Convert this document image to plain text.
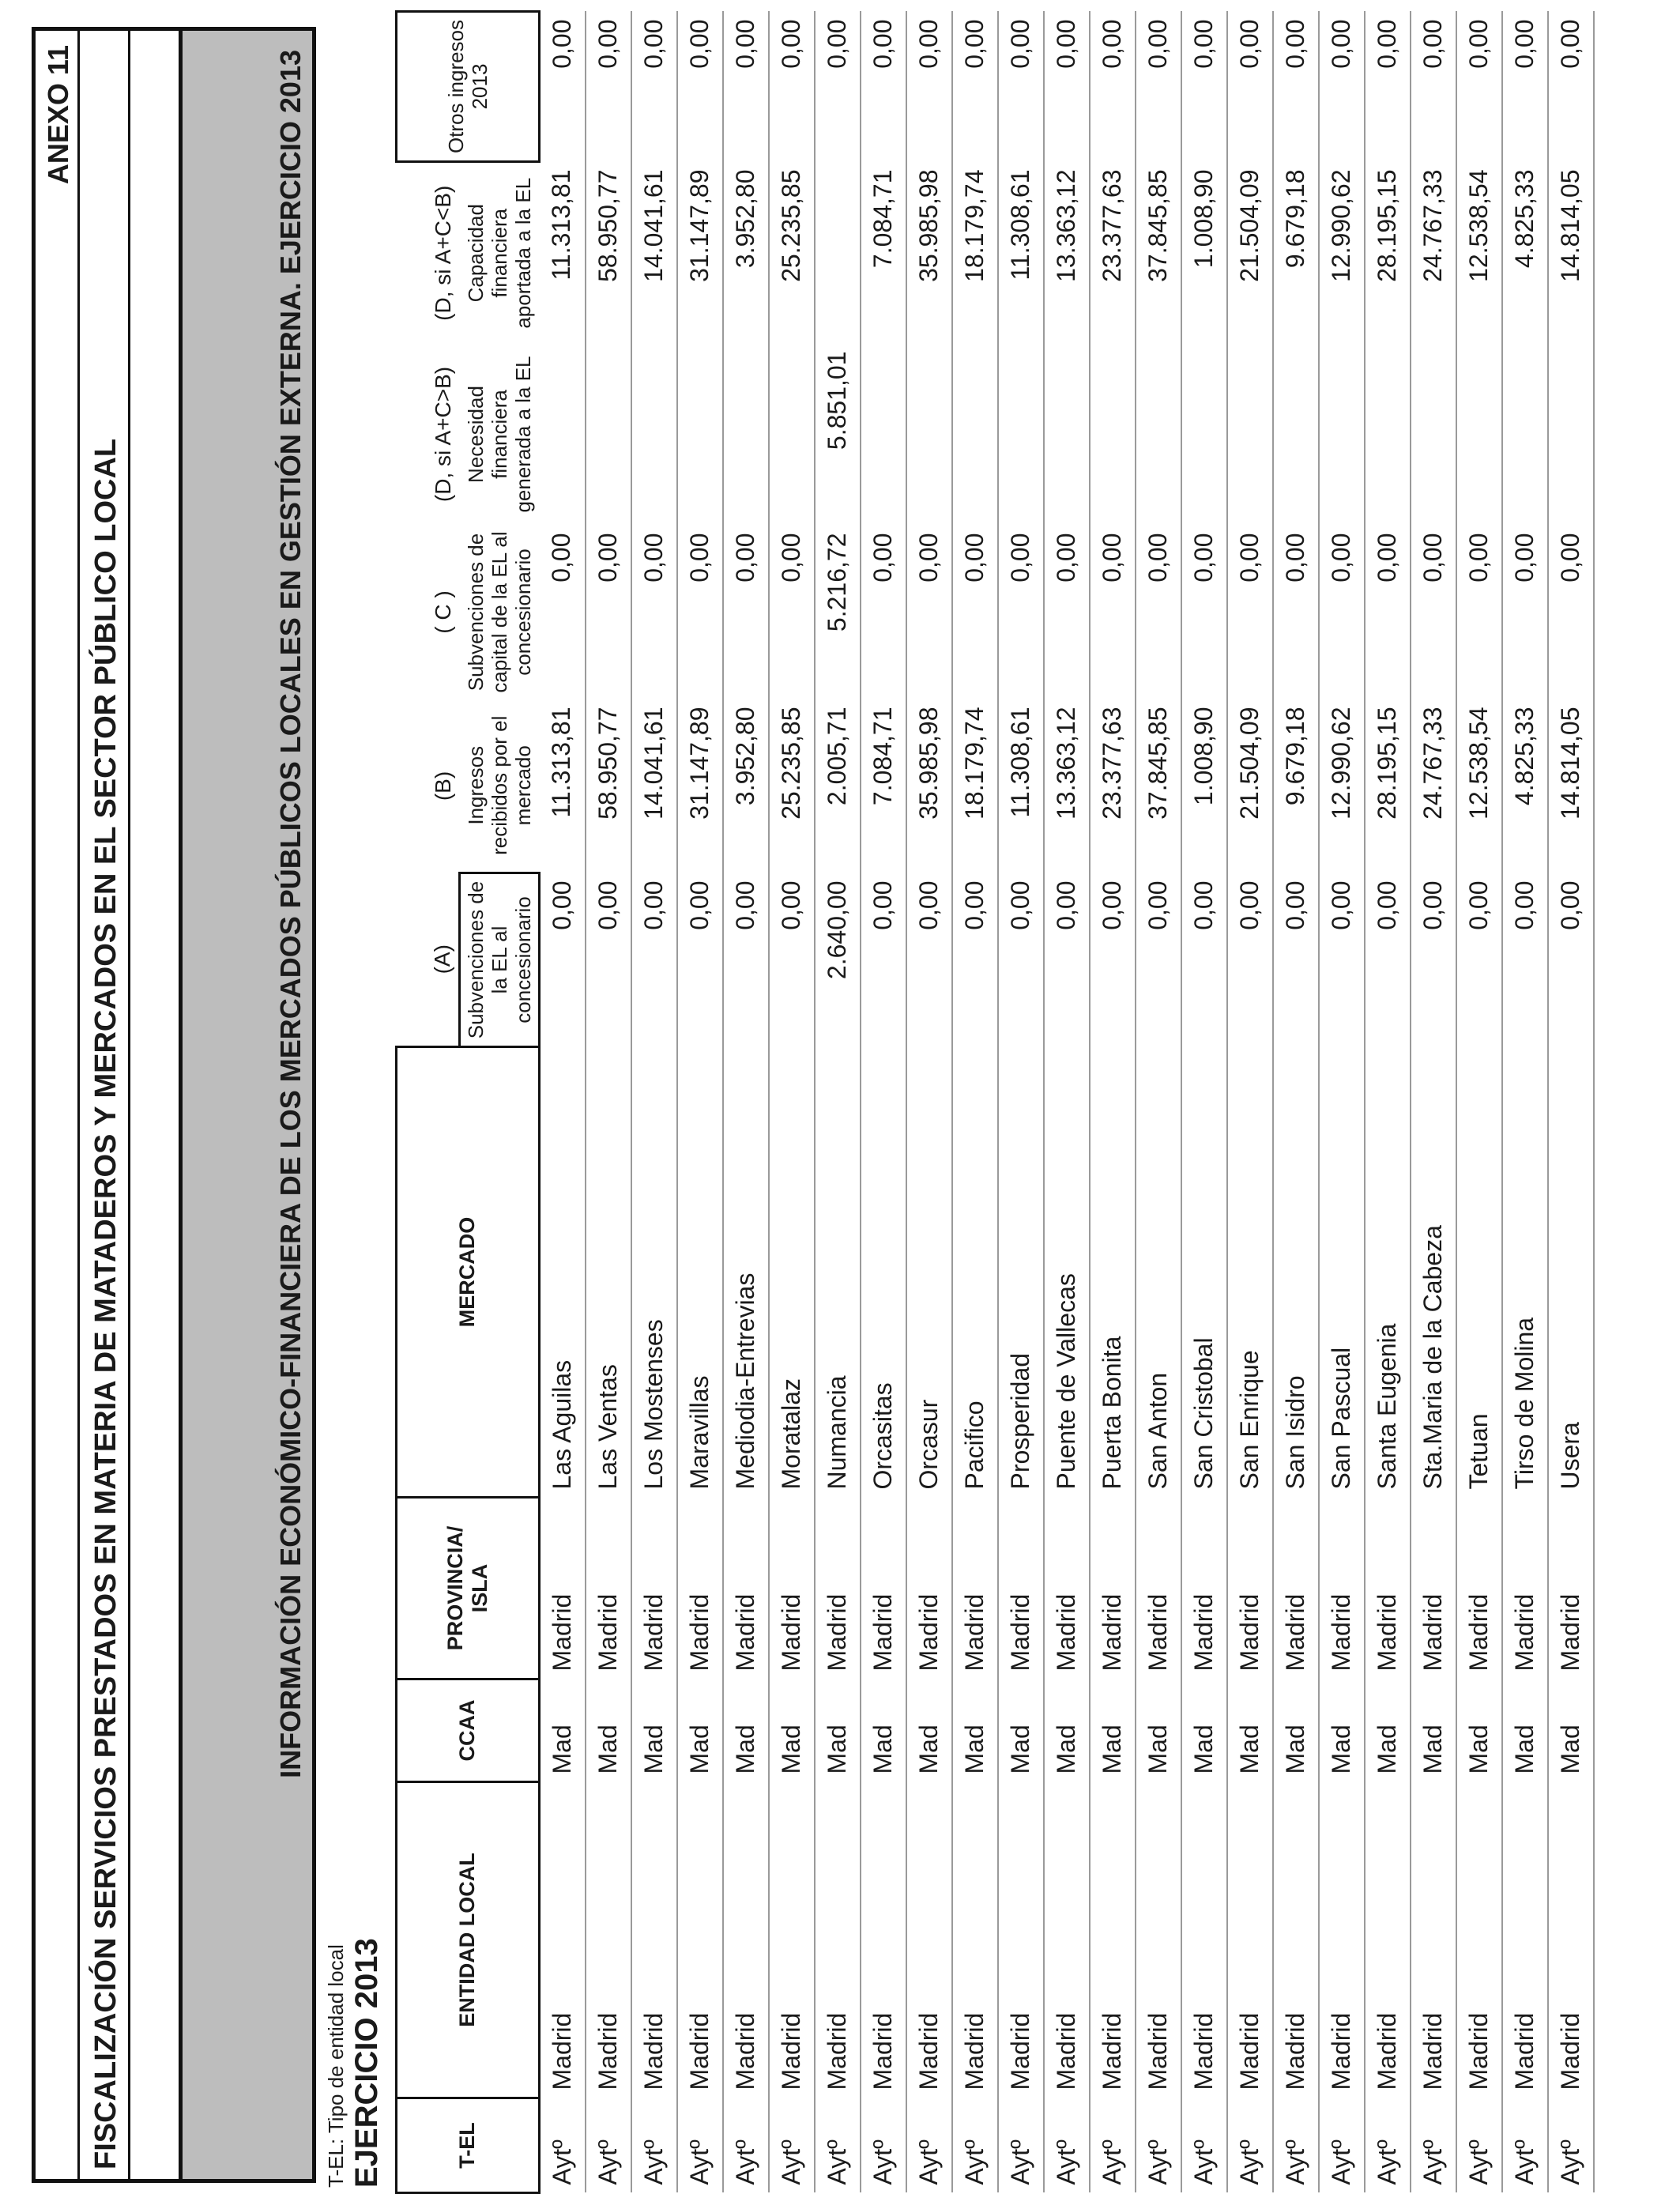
ANEXO 11
FISCALIZACIÓN SERVICIOS PRESTADOS EN MATERIA DE MATADEROS Y MERCADOS EN EL SECTOR PÚBLICO LOCAL	INFORMACIÓN ECONÓMICO-FINANCIERA DE LOS MERCADOS PÚBLICOS LOCALES EN GESTIÓN EXTERNA. EJERCICIO 2013
T-EL: Tipo de entidad local EJERCICIO 2013	T-EL	ENTIDAD LOCAL	CCAA	PROVINCIA/ ISLA	MERCADO	(A)	(B)	( C )	(D, si A+C>B)	(D, si A+C<B)	Otros ingresos 2013
					Subvenciones de la EL al concesionario	Ingresos recibidos por el mercado	Subvenciones de capital de la EL al concesionario	Necesidad financiera generada a la EL	Capacidad financiera aportada a la EL	
Aytº	Madrid	Mad	Madrid	Las Aguilas	0,00	11.313,81	0,00		11.313,81	0,00
Aytº	Madrid	Mad	Madrid	Las Ventas	0,00	58.950,77	0,00		58.950,77	0,00
Aytº	Madrid	Mad	Madrid	Los Mostenses	0,00	14.041,61	0,00		14.041,61	0,00
Aytº	Madrid	Mad	Madrid	Maravillas	0,00	31.147,89	0,00		31.147,89	0,00
Aytº	Madrid	Mad	Madrid	Mediodia-Entrevias	0,00	3.952,80	0,00		3.952,80	0,00
Aytº	Madrid	Mad	Madrid	Moratalaz	0,00	25.235,85	0,00		25.235,85	0,00
Aytº	Madrid	Mad	Madrid	Numancia	2.640,00	2.005,71	5.216,72	5.851,01		0,00
Aytº	Madrid	Mad	Madrid	Orcasitas	0,00	7.084,71	0,00		7.084,71	0,00
Aytº	Madrid	Mad	Madrid	Orcasur	0,00	35.985,98	0,00		35.985,98	0,00
Aytº	Madrid	Mad	Madrid	Pacifico	0,00	18.179,74	0,00		18.179,74	0,00
Aytº	Madrid	Mad	Madrid	Prosperidad	0,00	11.308,61	0,00		11.308,61	0,00
Aytº	Madrid	Mad	Madrid	Puente de Vallecas	0,00	13.363,12	0,00		13.363,12	0,00
Aytº	Madrid	Mad	Madrid	Puerta Bonita	0,00	23.377,63	0,00		23.377,63	0,00
Aytº	Madrid	Mad	Madrid	San Anton	0,00	37.845,85	0,00		37.845,85	0,00
Aytº	Madrid	Mad	Madrid	San Cristobal	0,00	1.008,90	0,00		1.008,90	0,00
Aytº	Madrid	Mad	Madrid	San Enrique	0,00	21.504,09	0,00		21.504,09	0,00
Aytº	Madrid	Mad	Madrid	San Isidro	0,00	9.679,18	0,00		9.679,18	0,00
Aytº	Madrid	Mad	Madrid	San Pascual	0,00	12.990,62	0,00		12.990,62	0,00
Aytº	Madrid	Mad	Madrid	Santa Eugenia	0,00	28.195,15	0,00		28.195,15	0,00
Aytº	Madrid	Mad	Madrid	Sta.Maria de la Cabeza	0,00	24.767,33	0,00		24.767,33	0,00
Aytº	Madrid	Mad	Madrid	Tetuan	0,00	12.538,54	0,00		12.538,54	0,00
Aytº	Madrid	Mad	Madrid	Tirso de Molina	0,00	4.825,33	0,00		4.825,33	0,00
Aytº	Madrid	Mad	Madrid	Usera	0,00	14.814,05	0,00		14.814,05	0,00
